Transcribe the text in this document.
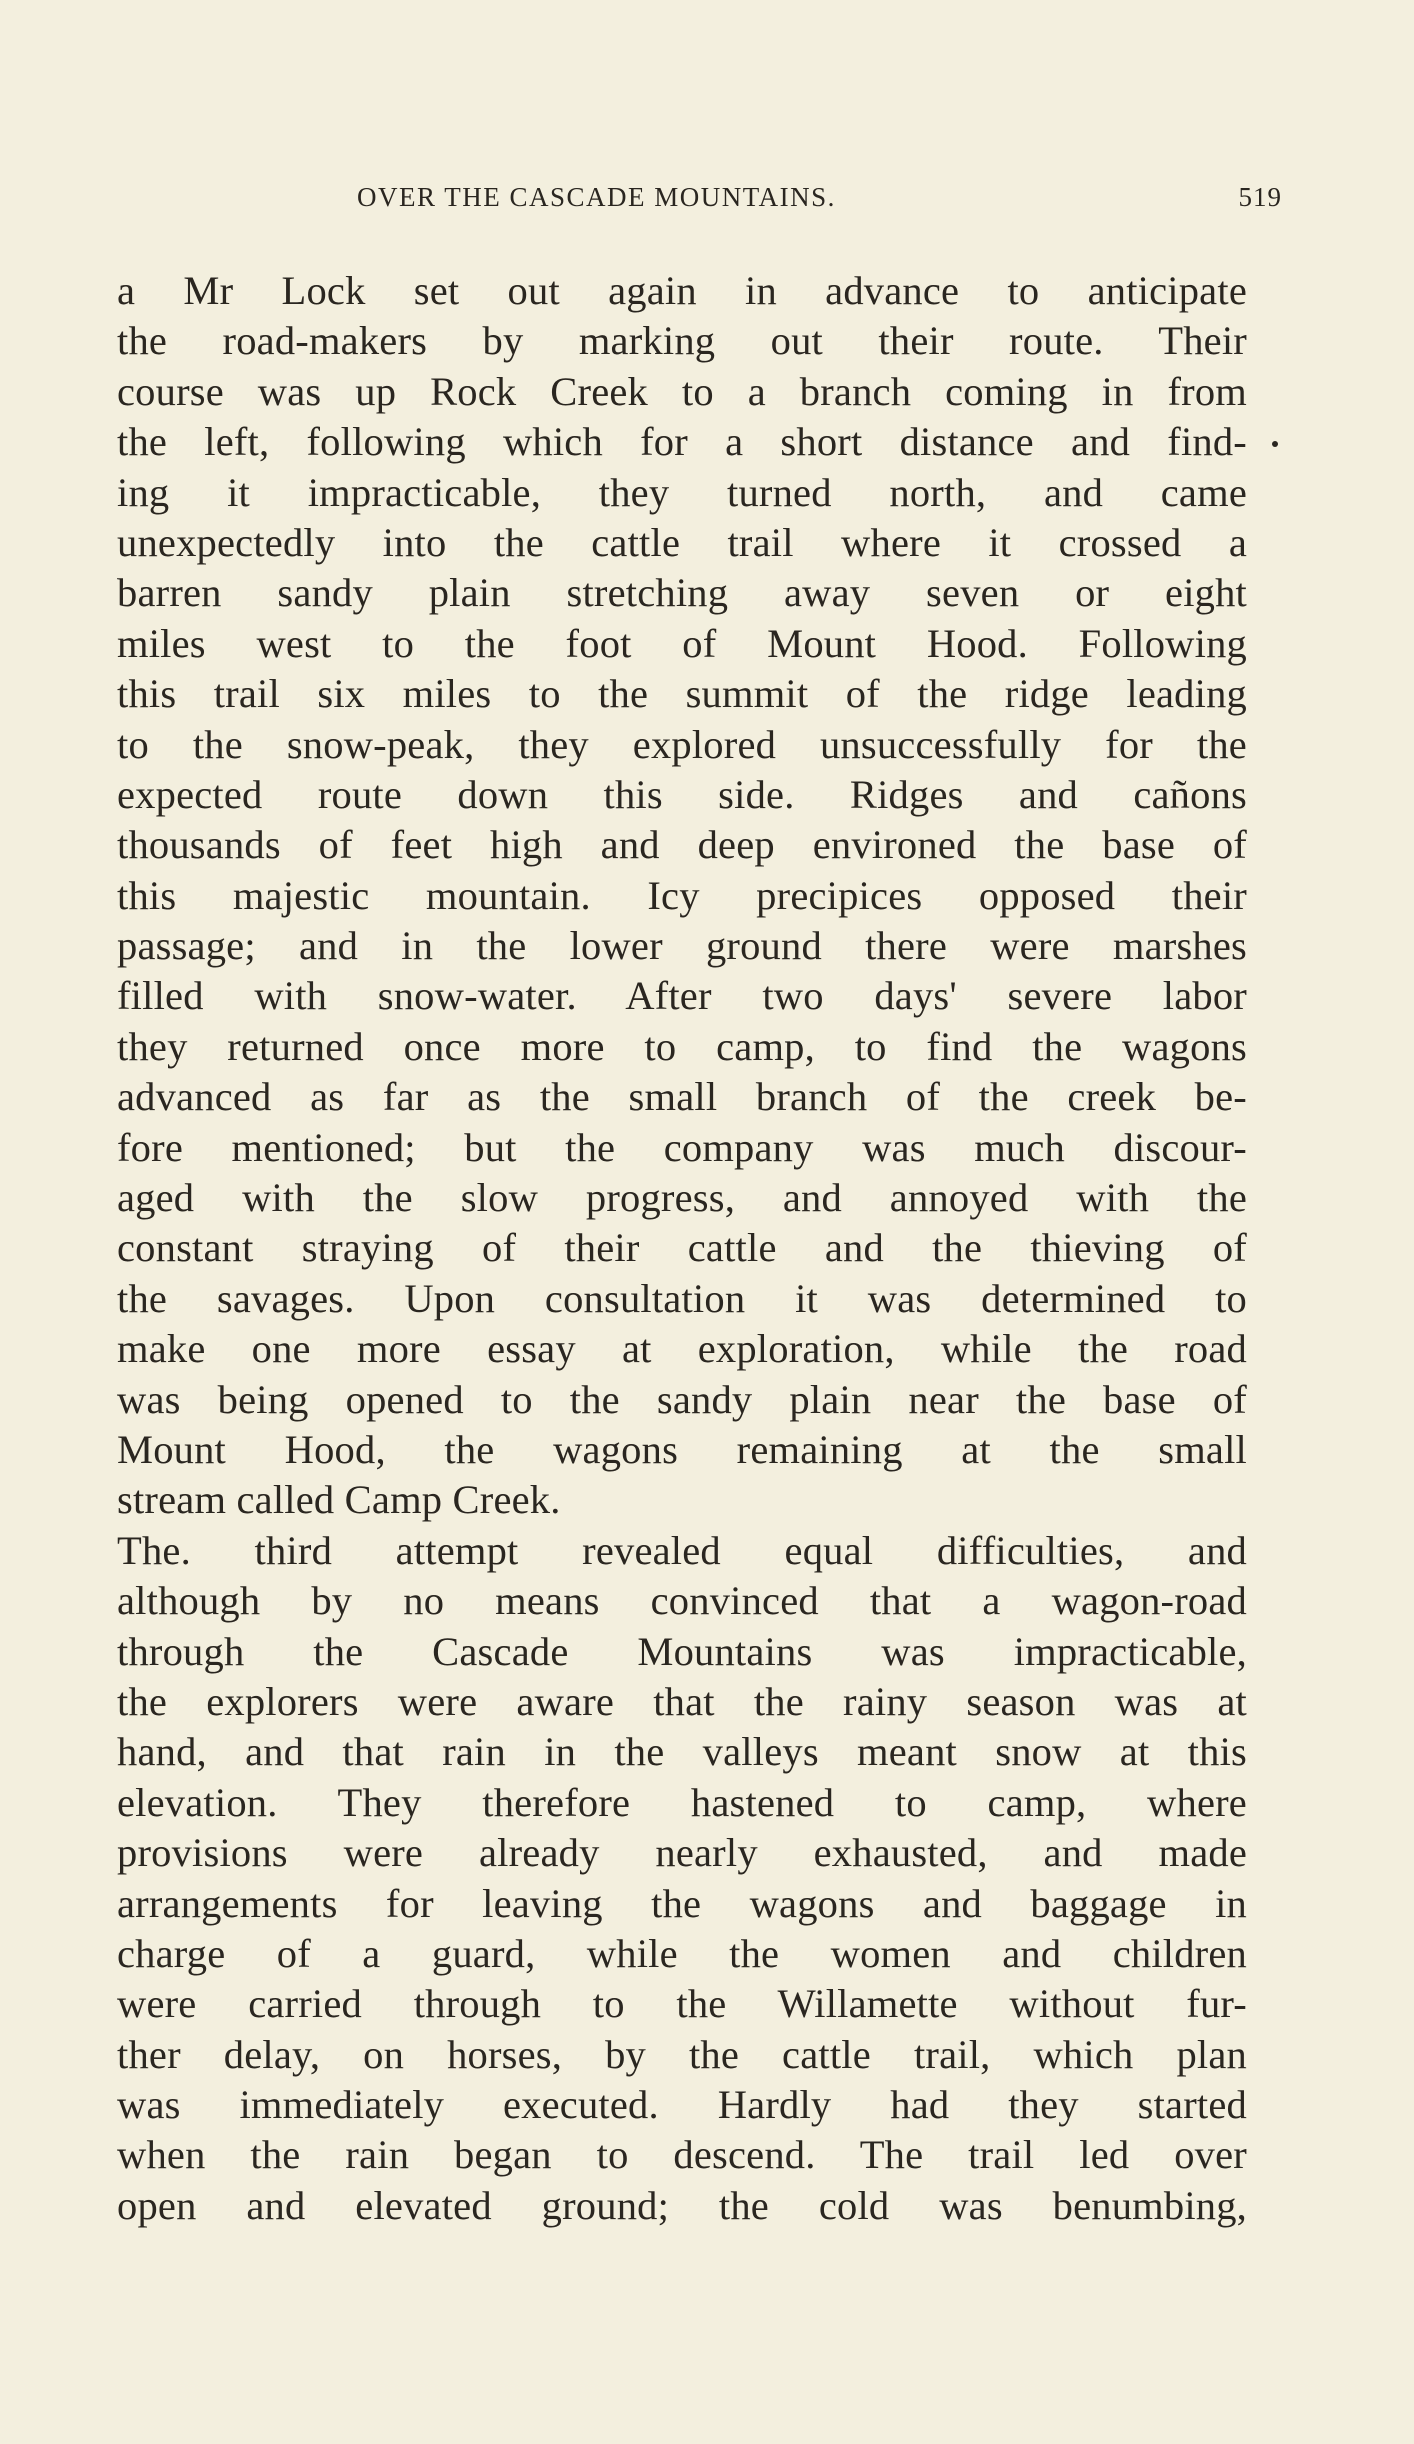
OVER THE CASCADE MOUNTAINS.	519
a Mr Lock set out again in advance to anticipate
the road-makers by marking out their route. Their
course was up Rock Creek to a branch coming in from
the left, following which for a short distance and find-
ing it impracticable, they turned north, and came
unexpectedly into the cattle trail where it crossed a
barren sandy plain stretching away seven or eight
miles west to the foot of Mount Hood. Following
this trail six miles to the summit of the ridge leading
to the snow-peak, they explored unsuccessfully for the
expected route down this side. Ridges and cañons
thousands of feet high and deep environed the base of
this majestic mountain. Icy precipices opposed their
passage; and in the lower ground there were marshes
filled with snow-water. After two days' severe labor
they returned once more to camp, to find the wagons
advanced as far as the small branch of the creek be-
fore mentioned; but the company was much discour-
aged with the slow progress, and annoyed with the
constant straying of their cattle and the thieving of
the savages. Upon consultation it was determined to
make one more essay at exploration, while the road
was being opened to the sandy plain near the base of
Mount Hood, the wagons remaining at the small
stream called Camp Creek.
The. third attempt revealed equal difficulties, and
although by no means convinced that a wagon-road
through the Cascade Mountains was impracticable,
the explorers were aware that the rainy season was at
hand, and that rain in the valleys meant snow at this
elevation. They therefore hastened to camp, where
provisions were already nearly exhausted, and made
arrangements for leaving the wagons and baggage in
charge of a guard, while the women and children
were carried through to the Willamette without fur-
ther delay, on horses, by the cattle trail, which plan
was immediately executed. Hardly had they started
when the rain began to descend. The trail led over
open and elevated ground; the cold was benumbing,
